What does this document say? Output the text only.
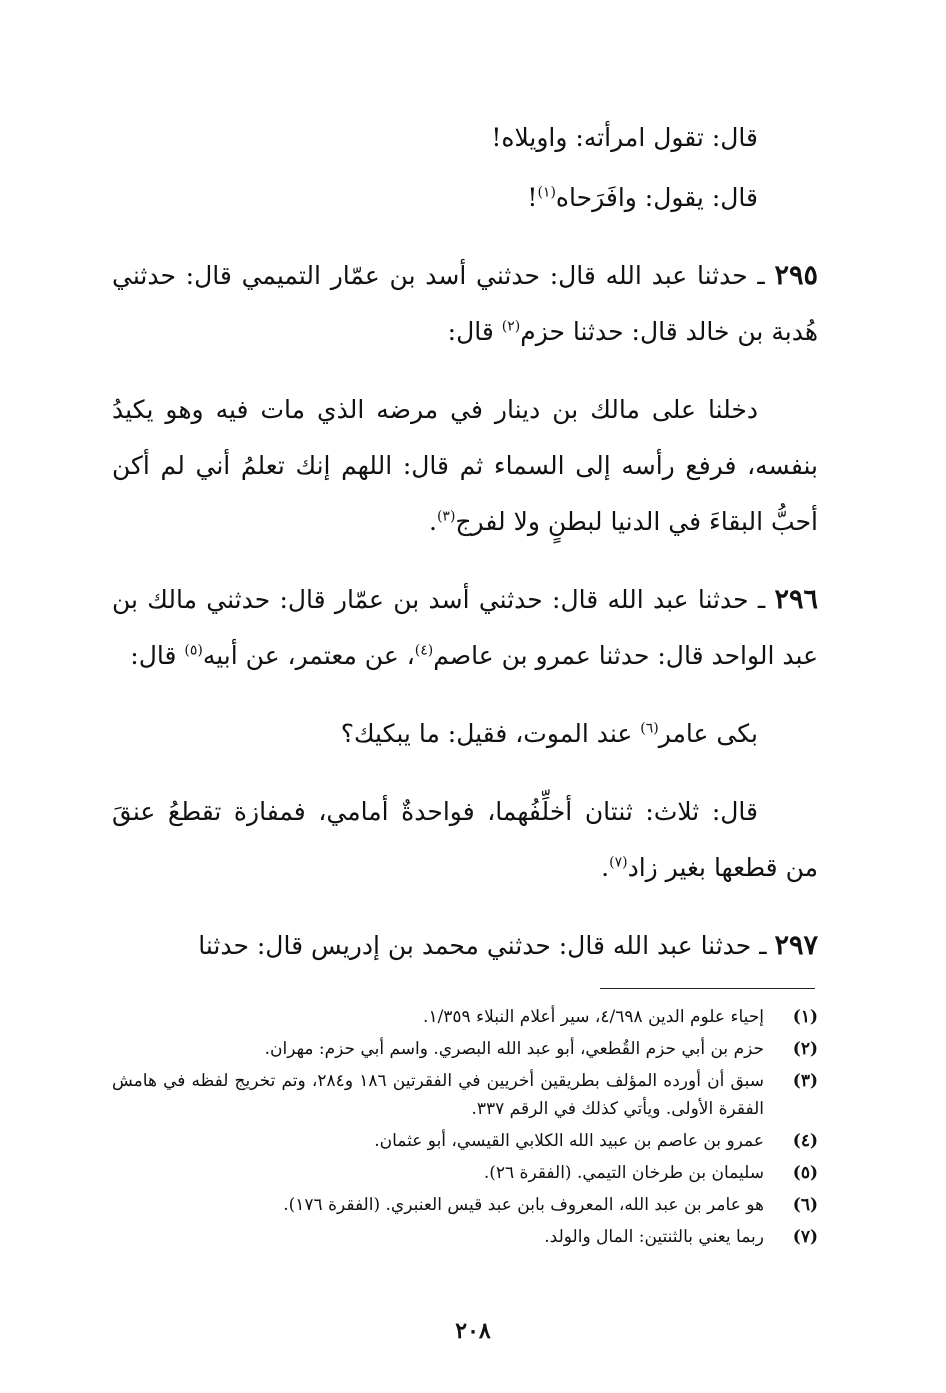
قال: تقول امرأته: واويلاه!

قال: يقول: وافَرَحاه$^{(١)}$!

٢٩٥ ـ حدثنا عبد الله قال: حدثني أسد بن عمّار التميمي قال: حدثني هُدبة بن خالد قال: حدثنا حزم$^{(٢)}$ قال:

دخلنا على مالك بن دينار في مرضه الذي مات فيه وهو يكيدُ بنفسه، فرفع رأسه إلى السماء ثم قال: اللهم إنك تعلمُ أني لم أكن أحبُّ البقاءَ في الدنيا لبطنٍ ولا لفرج$^{(٣)}$.

٢٩٦ ـ حدثنا عبد الله قال: حدثني أسد بن عمّار قال: حدثني مالك بن عبد الواحد قال: حدثنا عمرو بن عاصم$^{(٤)}$، عن معتمر، عن أبيه$^{(٥)}$ قال:

بكى عامر$^{(٦)}$ عند الموت، فقيل: ما يبكيك؟

قال: ثلاث: ثنتان أخلِّفُهما، فواحدةٌ أمامي، فمفازة تقطعُ عنقَ من قطعها بغير زاد$^{(٧)}$.

٢٩٧ ـ حدثنا عبد الله قال: حدثني محمد بن إدريس قال: حدثنا

(١)
إحياء علوم الدين ٤/٦٩٨، سير أعلام النبلاء ١/٣٥٩.
(٢)
حزم بن أبي حزم القُطعي، أبو عبد الله البصري. واسم أبي حزم: مهران.
(٣)
سبق أن أورده المؤلف بطريقين أخريين في الفقرتين ١٨٦ و٢٨٤، وتم تخريج لفظه في هامش الفقرة الأولى. ويأتي كذلك في الرقم ٣٣٧.
(٤)
عمرو بن عاصم بن عبيد الله الكلابي القيسي، أبو عثمان.
(٥)
سليمان بن طرخان التيمي. (الفقرة ٢٦).
(٦)
هو عامر بن عبد الله، المعروف بابن عبد قيس العنبري. (الفقرة ١٧٦).
(٧)
ربما يعني بالثنتين: المال والولد.
٢٠٨
